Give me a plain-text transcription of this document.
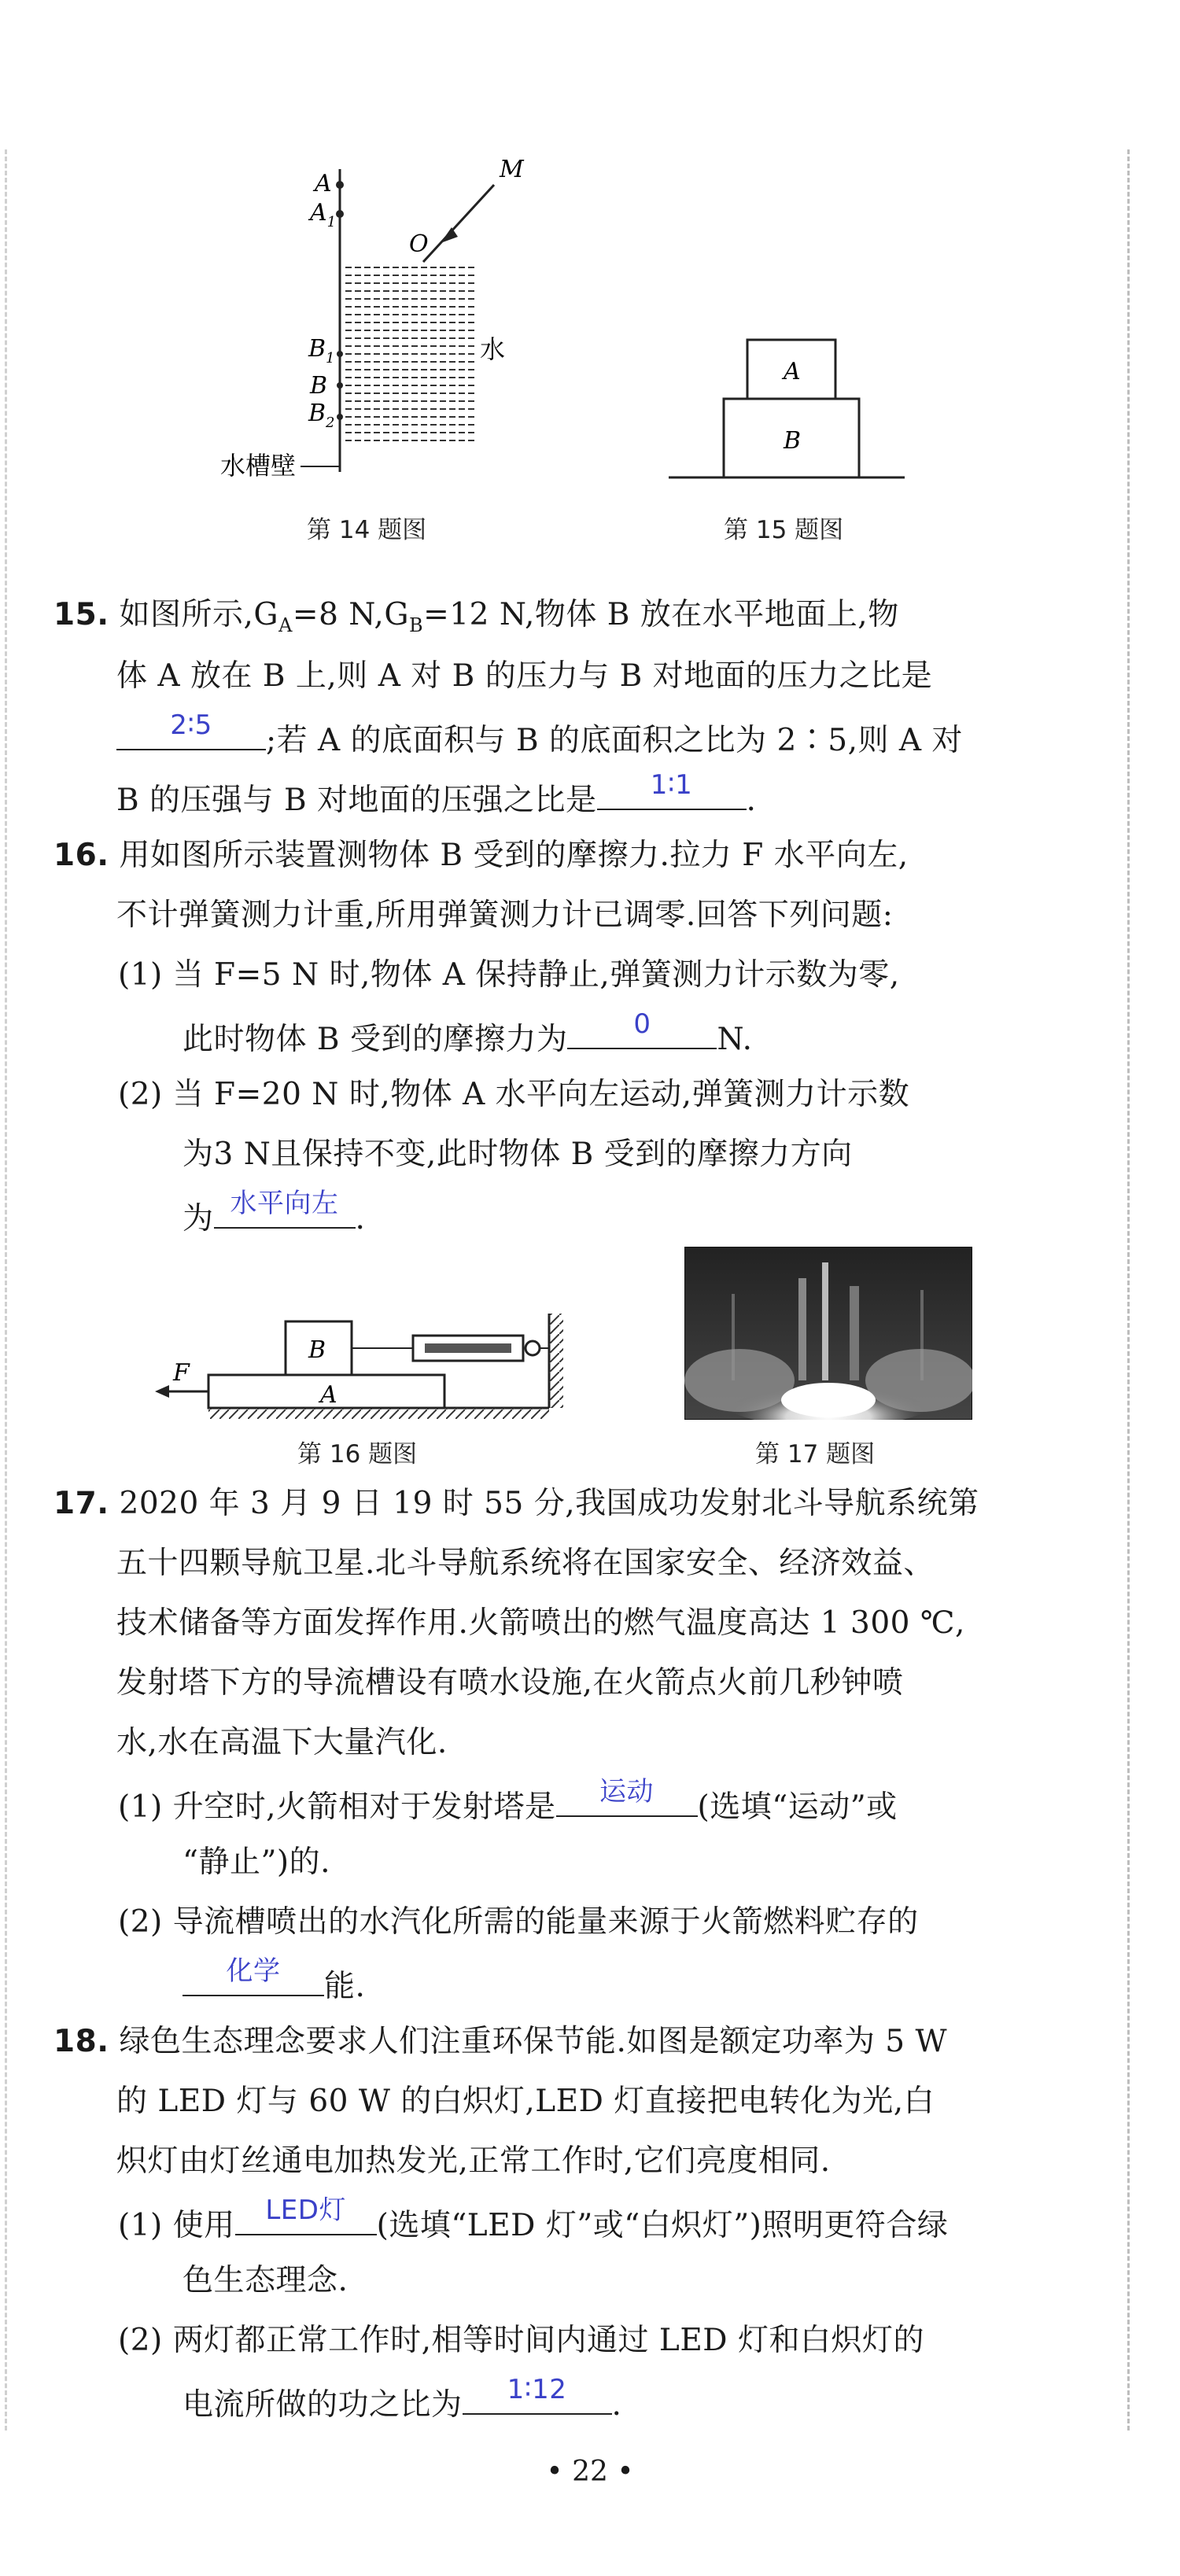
A
$A_1$
M
O
$B_1$
B
$B_2$
水
水槽壁
第 14 题图
A
B
第 15 题图
15. 如图所示$,G_A=8$ $N,G_B=12$ N,物体 B 放在水平地面上,物
体 A 放在 B 上,则 A 对 B 的压力与 B 对地面的压力之比是
2∶5	;若 A 的底面积与 B 的底面积之比为 2∶5,则 A 对
B 的压强与 B 对地面的压强之比是	1∶1	.
16. 用如图所示装置测物体 B 受到的摩擦力.拉力 F 水平向左,
不计弹簧测力计重,所用弹簧测力计已调零.回答下列问题:
(1) 当 F=5 N 时,物体 A 保持静止,弹簧测力计示数为零,
此时物体 B 受到的摩擦力为	0	N.
(2) 当 F=20 N 时,物体 A 水平向左运动,弹簧测力计示数
为3 N且保持不变,此时物体 B 受到的摩擦力方向
为 水平向左 .
F
B
A
第 16 题图	第 17 题图
17. 2020 年 3 月 9 日 19 时 55 分,我国成功发射北斗导航系统第
五十四颗导航卫星.北斗导航系统将在国家安全、经济效益、
技术储备等方面发挥作用.火箭喷出的燃气温度高达 1 300 ℃,
发射塔下方的导流槽设有喷水设施,在火箭点火前几秒钟喷
水,水在高温下大量汽化.
(1) 升空时,火箭相对于发射塔是	运动	(选填“运动”或
“静止”)的.
(2) 导流槽喷出的水汽化所需的能量来源于火箭燃料贮存的
化学	能.
18. 绿色生态理念要求人们注重环保节能.如图是额定功率为 5 W
的 LED 灯与 60 W 的白炽灯,LED 灯直接把电转化为光,白
炽灯由灯丝通电加热发光,正常工作时,它们亮度相同.
(1) 使用	LED灯 (选填“LED 灯”或“白炽灯”)照明更符合绿
色生态理念.
(2) 两灯都正常工作时,相等时间内通过 LED 灯和白炽灯的
电流所做的功之比为	1∶12	.
• 22 •
